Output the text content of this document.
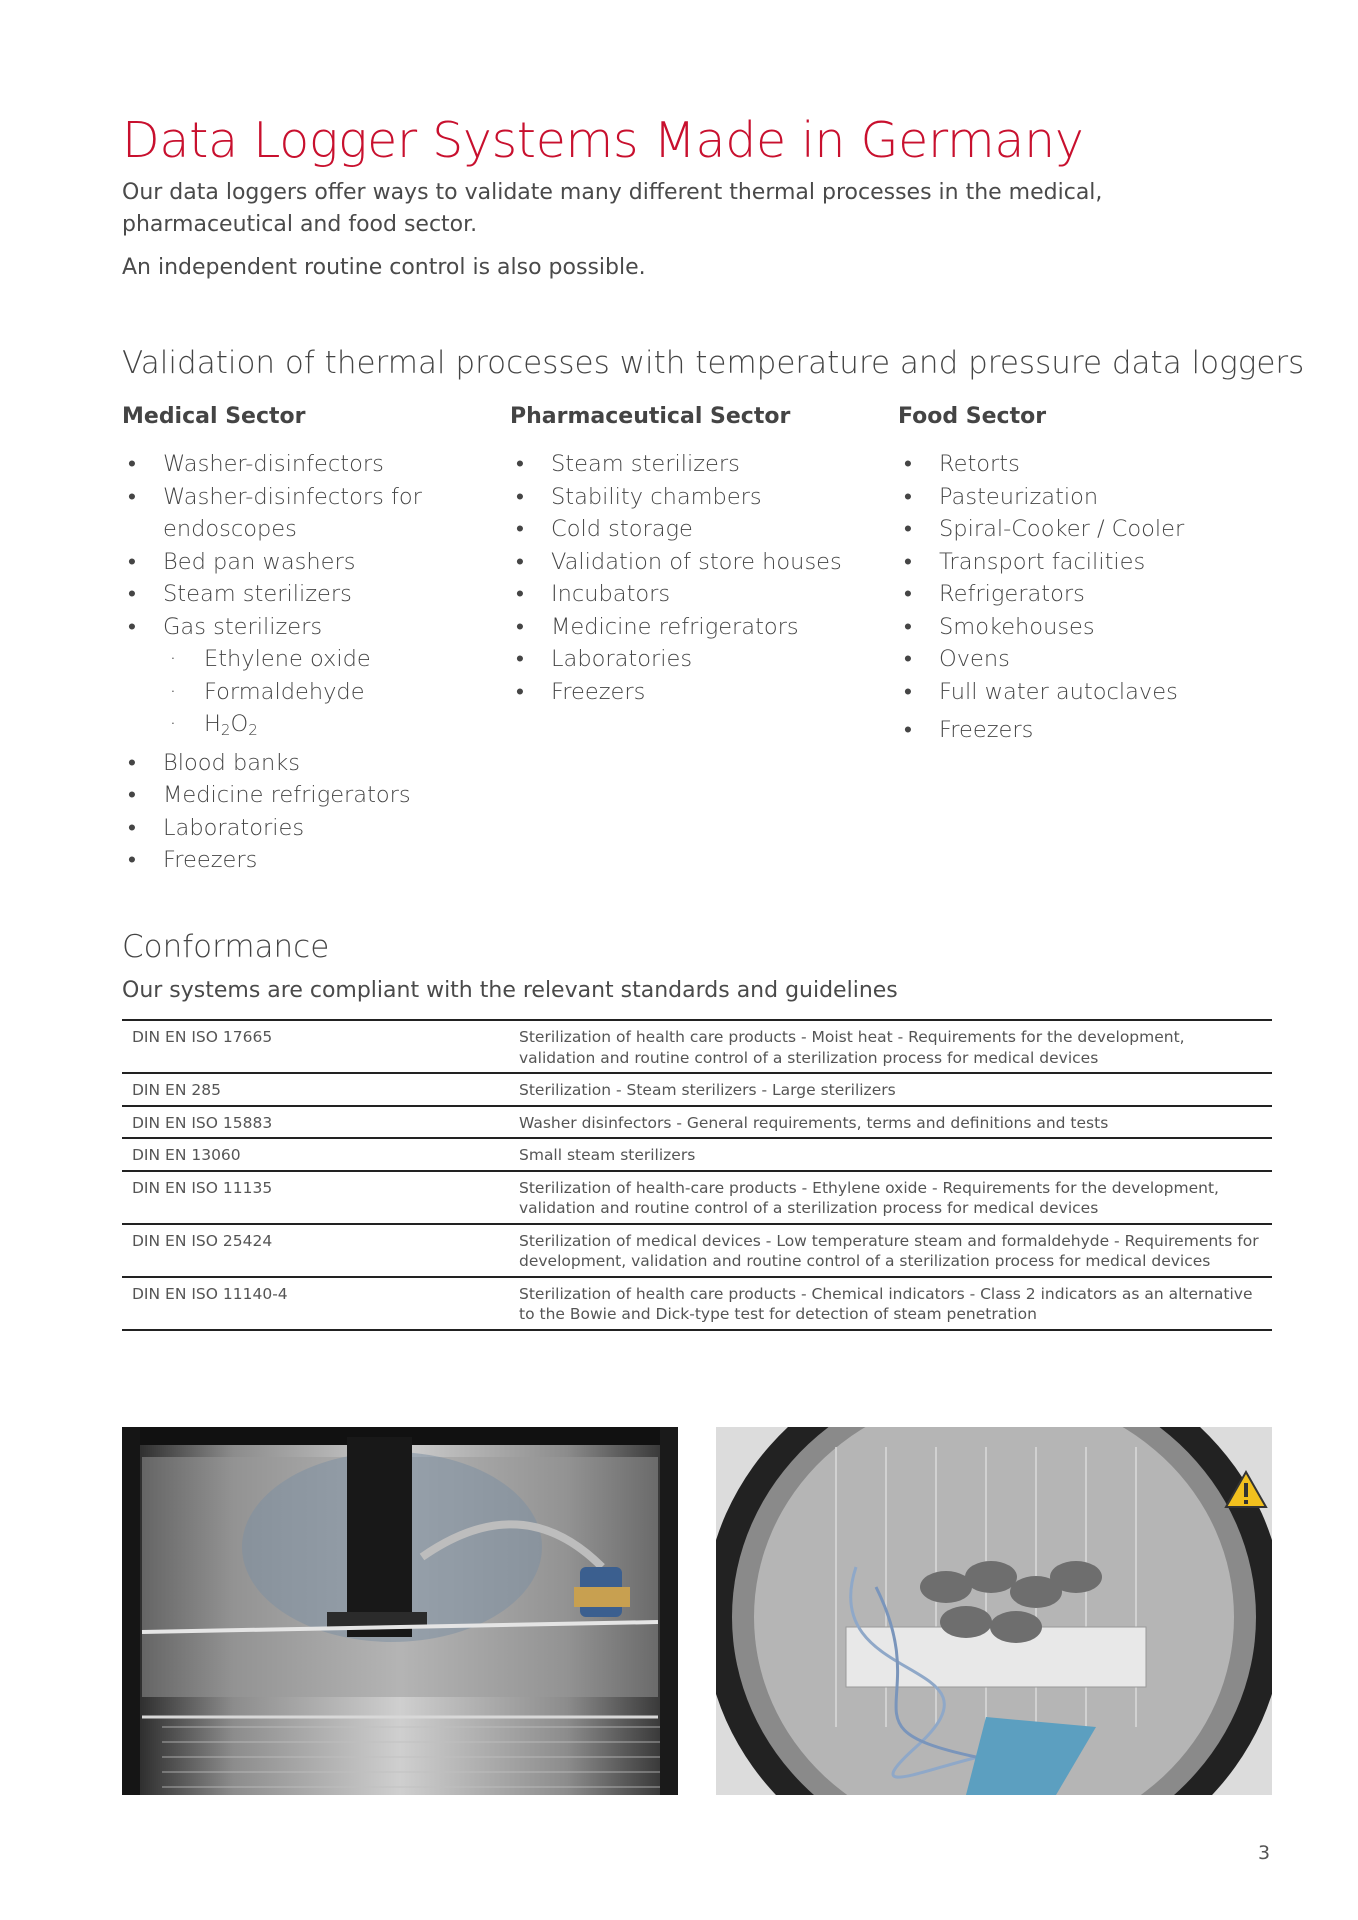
Data Logger Systems Made in Germany

Our data loggers offer ways to validate many different thermal processes in the medical, pharmaceutical and food sector.

An independent routine control is also possible.

Validation of thermal processes with temperature and pressure data loggers
Medical Sector
• Washer-disinfectors
• Washer-disinfectors for endoscopes
• Bed pan washers
• Steam sterilizers
• Gas sterilizers
· Ethylene oxide
· Formaldehyde
· $H_2O_2$
• Blood banks
• Medicine refrigerators
• Laboratories
• Freezers
Pharmaceutical Sector
• Steam sterilizers
• Stability chambers
• Cold storage
• Validation of store houses
• Incubators
• Medicine refrigerators
• Laboratories
• Freezers
Food Sector
• Retorts
• Pasteurization
• Spiral-Cooker / Cooler
• Transport facilities
• Refrigerators
• Smokehouses
• Ovens
• Full water autoclaves
• Freezers
Conformance

Our systems are compliant with the relevant standards and guidelines

DIN EN ISO 17665	Sterilization of health care products - Moist heat - Requirements for the development, validation and routine control of a sterilization process for medical devices
DIN EN 285	Sterilization - Steam sterilizers - Large sterilizers
DIN EN ISO 15883	Washer disinfectors - General requirements, terms and definitions and tests
DIN EN 13060	Small steam sterilizers
DIN EN ISO 11135	Sterilization of health-care products - Ethylene oxide - Requirements for the development, validation and routine control of a sterilization process for medical devices
DIN EN ISO 25424	Sterilization of medical devices - Low temperature steam and formaldehyde - Requirements for development, validation and routine control of a sterilization process for medical devices
DIN EN ISO 11140-4	Sterilization of health care products - Chemical indicators - Class 2 indicators as an alternative to the Bowie and Dick-type test for detection of steam penetration
3
